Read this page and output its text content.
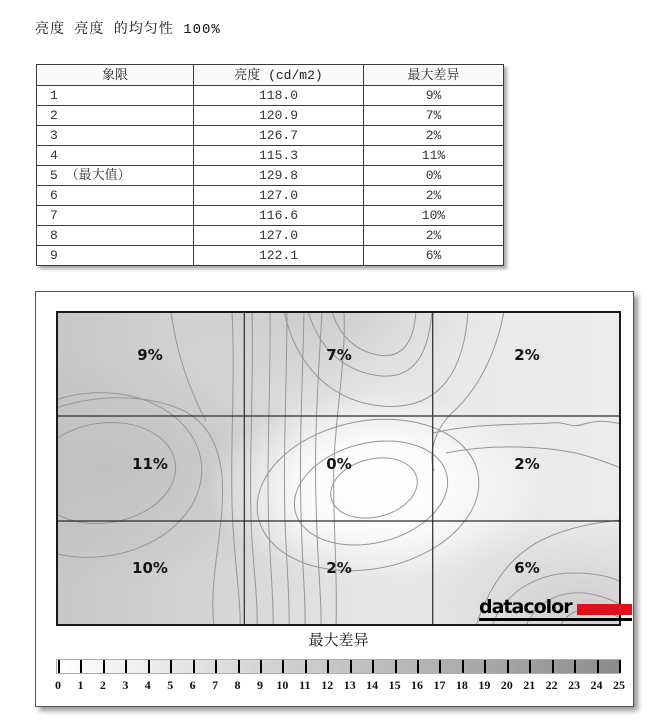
亮度 亮度 的均匀性 100%
象限	亮度 (cd/m2)	最大差异
1	118.0	9%
2	120.9	7%
3	126.7	2%
4	115.3	11%
5 （最大值）	129.8	0%
6	127.0	2%
7	116.6	10%
8	127.0	2%
9	122.1	6%
9%	7%	2%
11%	0%	2%
10%	2%	6%
datacolor
最大差异
0	1	2	3	4	5	6	7	8	9	10 11 12 13 14 15 16 17 18 19 20 21 22 23 24 25
